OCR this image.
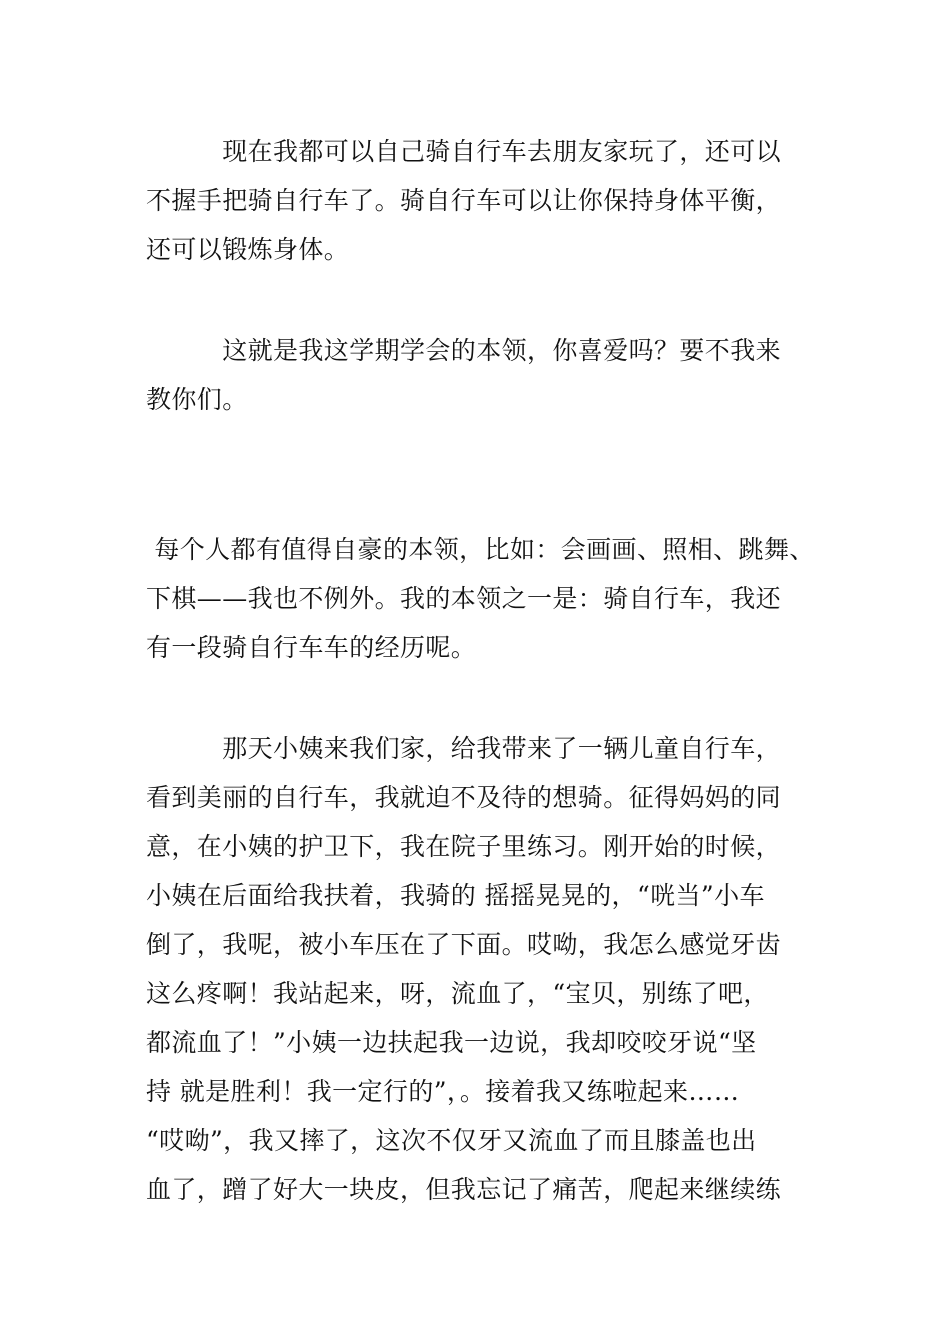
　　　现在我都可以自己骑自行车去朋友家玩了，还可以
不握手把骑自行车了。骑自行车可以让你保持身体平衡，
还可以锻炼身体。
　　　这就是我这学期学会的本领，你喜爱吗？要不我来
教你们。
每个人都有值得自豪的本领，比如：会画画、照相、跳舞、
下棋——我也不例外。我的本领之一是：骑自行车，我还
有一段骑自行车车的经历呢。
　　　那天小姨来我们家，给我带来了一辆儿童自行车，
看到美丽的自行车，我就迫不及待的想骑。征得妈妈的同
意，在小姨的护卫下，我在院子里练习。刚开始的时候，
小姨在后面给我扶着，我骑的 摇摇晃晃的，“咣当”小车
倒了，我呢，被小车压在了下面。哎呦，我怎么感觉牙齿
这么疼啊！我站起来，呀，流血了，“宝贝，别练了吧，
都流血了！”小姨一边扶起我一边说，我却咬咬牙说“坚
持 就是胜利！我一定行的”，。接着我又练啦起来……
“哎呦”，我又摔了，这次不仅牙又流血了而且膝盖也出
血了，蹭了好大一块皮，但我忘记了痛苦，爬起来继续练
